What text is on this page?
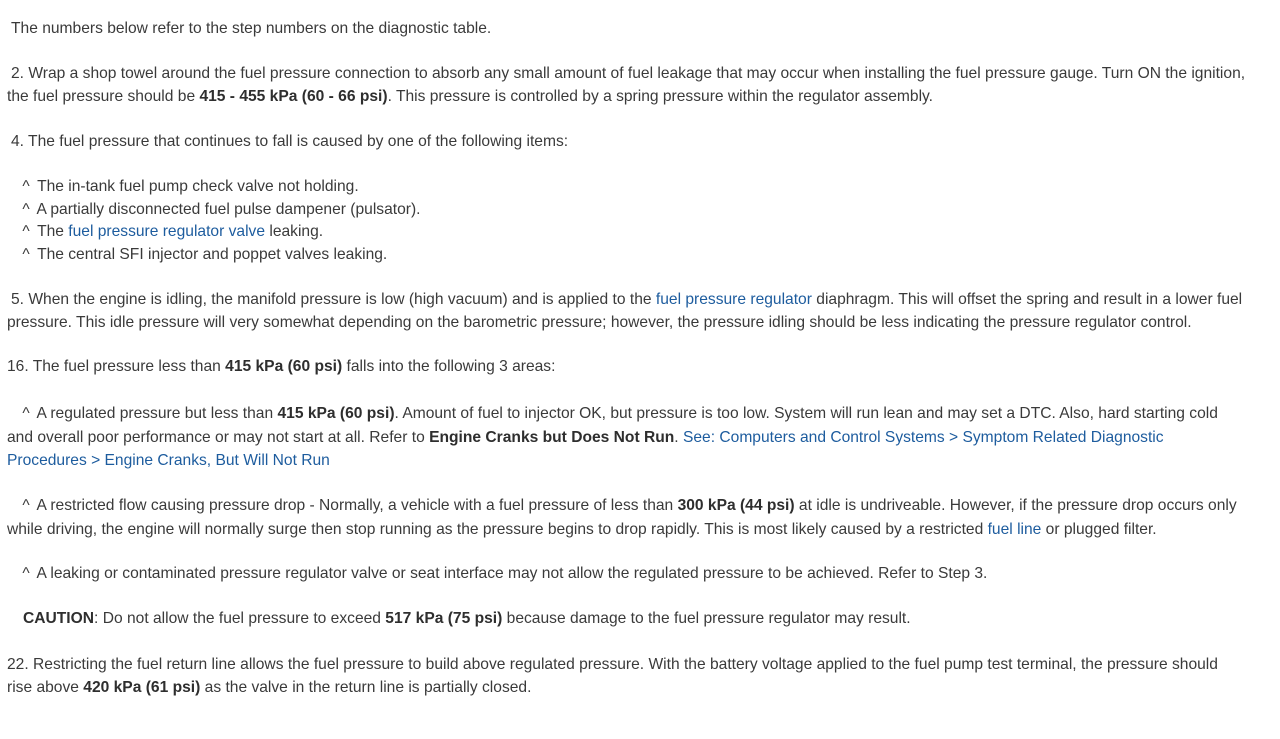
The numbers below refer to the step numbers on the diagnostic table.
2. Wrap a shop towel around the fuel pressure connection to absorb any small amount of fuel leakage that may occur when installing the fuel pressure gauge. Turn ON the ignition, the fuel pressure should be 415 - 455 kPa (60 - 66 psi). This pressure is controlled by a spring pressure within the regulator assembly.
4. The fuel pressure that continues to fall is caused by one of the following items:
^ The in-tank fuel pump check valve not holding.
^ A partially disconnected fuel pulse dampener (pulsator).
^ The fuel pressure regulator valve leaking.
^ The central SFI injector and poppet valves leaking.
5. When the engine is idling, the manifold pressure is low (high vacuum) and is applied to the fuel pressure regulator diaphragm. This will offset the spring and result in a lower fuel pressure. This idle pressure will very somewhat depending on the barometric pressure; however, the pressure idling should be less indicating the pressure regulator control.
16. The fuel pressure less than 415 kPa (60 psi) falls into the following 3 areas:
^ A regulated pressure but less than 415 kPa (60 psi). Amount of fuel to injector OK, but pressure is too low. System will run lean and may set a DTC. Also, hard starting cold and overall poor performance or may not start at all. Refer to Engine Cranks but Does Not Run. See: Computers and Control Systems > Symptom Related Diagnostic Procedures > Engine Cranks, But Will Not Run
^ A restricted flow causing pressure drop - Normally, a vehicle with a fuel pressure of less than 300 kPa (44 psi) at idle is undriveable. However, if the pressure drop occurs only while driving, the engine will normally surge then stop running as the pressure begins to drop rapidly. This is most likely caused by a restricted fuel line or plugged filter.
^ A leaking or contaminated pressure regulator valve or seat interface may not allow the regulated pressure to be achieved. Refer to Step 3.
CAUTION: Do not allow the fuel pressure to exceed 517 kPa (75 psi) because damage to the fuel pressure regulator may result.
22. Restricting the fuel return line allows the fuel pressure to build above regulated pressure. With the battery voltage applied to the fuel pump test terminal, the pressure should rise above 420 kPa (61 psi) as the valve in the return line is partially closed.
